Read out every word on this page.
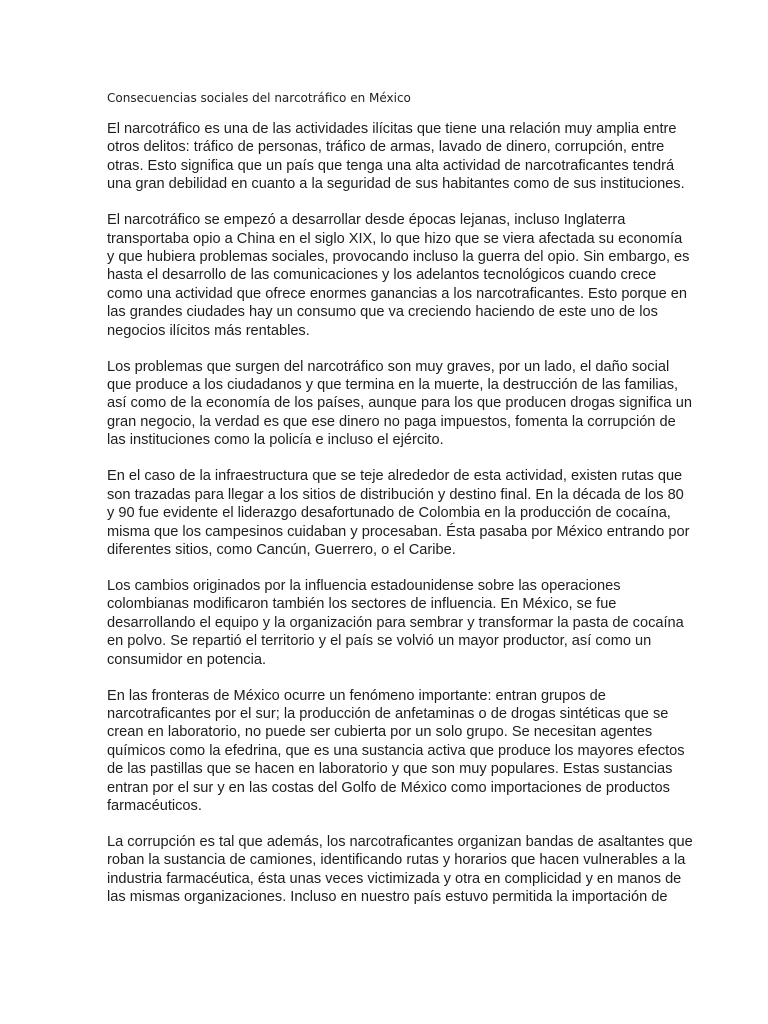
Consecuencias sociales del narcotráfico en México

El narcotráfico es una de las actividades ilícitas que tiene una relación muy amplia entre
otros delitos: tráfico de personas, tráfico de armas, lavado de dinero, corrupción, entre
otras. Esto significa que un país que tenga una alta actividad de narcotraficantes tendrá
una gran debilidad en cuanto a la seguridad de sus habitantes como de sus instituciones.

El narcotráfico se empezó a desarrollar desde épocas lejanas, incluso Inglaterra
transportaba opio a China en el siglo XIX, lo que hizo que se viera afectada su economía
y que hubiera problemas sociales, provocando incluso la guerra del opio. Sin embargo, es
hasta el desarrollo de las comunicaciones y los adelantos tecnológicos cuando crece
como una actividad que ofrece enormes ganancias a los narcotraficantes. Esto porque en
las grandes ciudades hay un consumo que va creciendo haciendo de este uno de los
negocios ilícitos más rentables.

Los problemas que surgen del narcotráfico son muy graves, por un lado, el daño social
que produce a los ciudadanos y que termina en la muerte, la destrucción de las familias,
así como de la economía de los países, aunque para los que producen drogas significa un
gran negocio, la verdad es que ese dinero no paga impuestos, fomenta la corrupción de
las instituciones como la policía e incluso el ejército.

En el caso de la infraestructura que se teje alrededor de esta actividad, existen rutas que
son trazadas para llegar a los sitios de distribución y destino final. En la década de los 80
y 90 fue evidente el liderazgo desafortunado de Colombia en la producción de cocaína,
misma que los campesinos cuidaban y procesaban. Ésta pasaba por México entrando por
diferentes sitios, como Cancún, Guerrero, o el Caribe.

Los cambios originados por la influencia estadounidense sobre las operaciones
colombianas modificaron también los sectores de influencia. En México, se fue
desarrollando el equipo y la organización para sembrar y transformar la pasta de cocaína
en polvo. Se repartió el territorio y el país se volvió un mayor productor, así como un
consumidor en potencia.

En las fronteras de México ocurre un fenómeno importante: entran grupos de
narcotraficantes por el sur; la producción de anfetaminas o de drogas sintéticas que se
crean en laboratorio, no puede ser cubierta por un solo grupo. Se necesitan agentes
químicos como la efedrina, que es una sustancia activa que produce los mayores efectos
de las pastillas que se hacen en laboratorio y que son muy populares. Estas sustancias
entran por el sur y en las costas del Golfo de México como importaciones de productos
farmacéuticos.

La corrupción es tal que además, los narcotraficantes organizan bandas de asaltantes que
roban la sustancia de camiones, identificando rutas y horarios que hacen vulnerables a la
industria farmacéutica, ésta unas veces victimizada y otra en complicidad y en manos de
las mismas organizaciones. Incluso en nuestro país estuvo permitida la importación de
